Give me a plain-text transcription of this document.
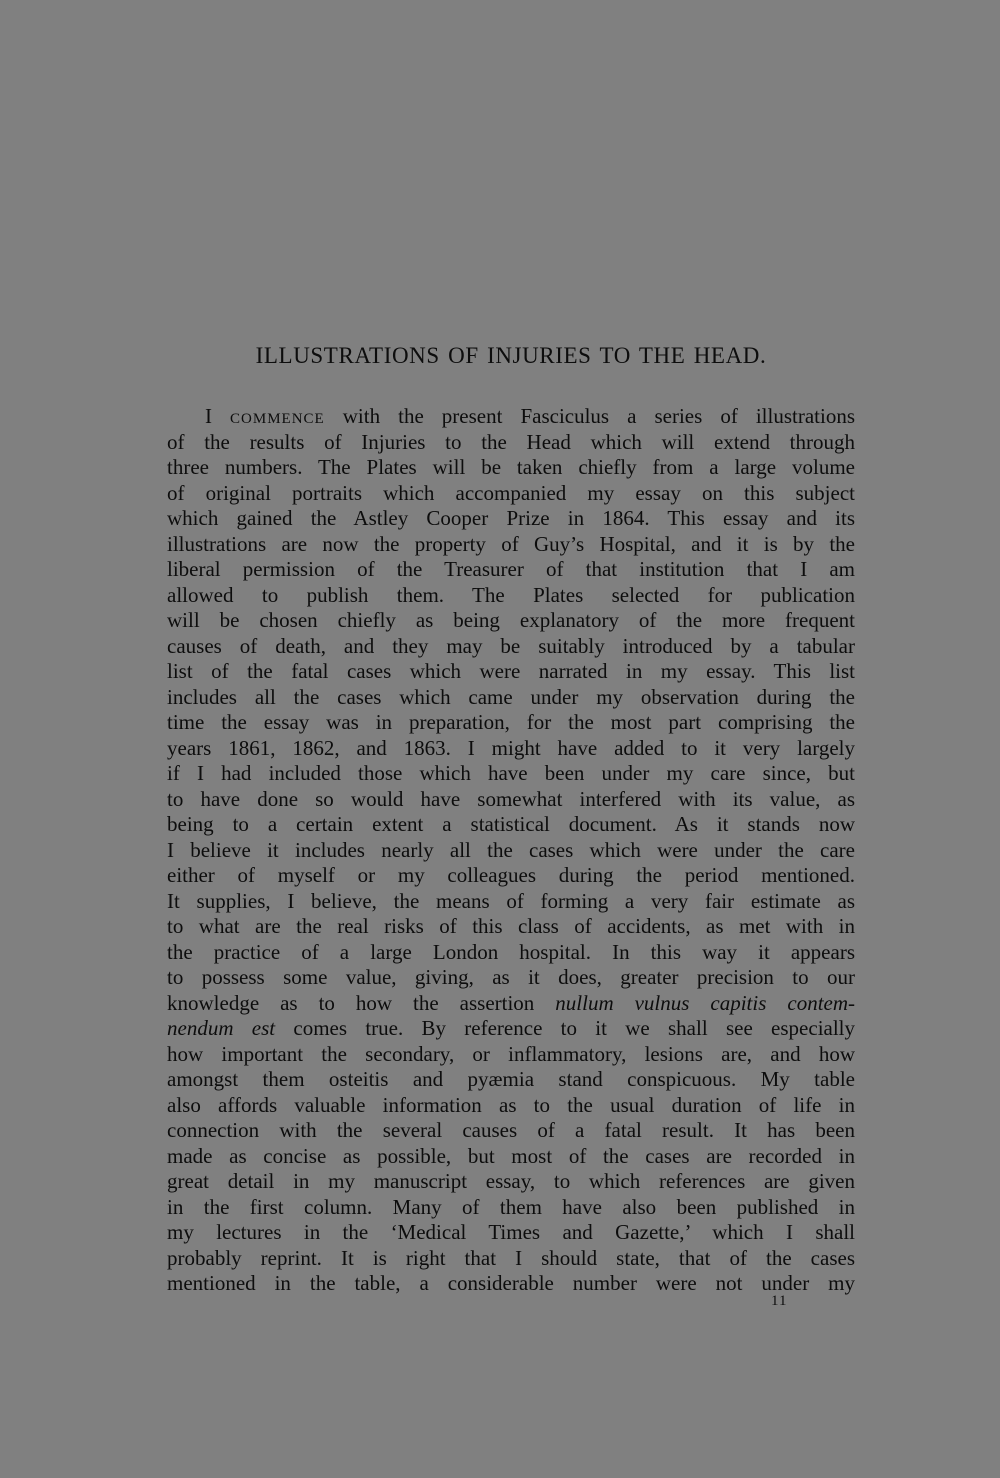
ILLUSTRATIONS OF INJURIES TO THE HEAD.
I commence with the present Fasciculus a series of illustrations
of the results of Injuries to the Head which will extend through
three numbers. The Plates will be taken chiefly from a large volume
of original portraits which accompanied my essay on this subject
which gained the Astley Cooper Prize in 1864. This essay and its
illustrations are now the property of Guy’s Hospital, and it is by the
liberal permission of the Treasurer of that institution that I am
allowed to publish them. The Plates selected for publication
will be chosen chiefly as being explanatory of the more frequent
causes of death, and they may be suitably introduced by a tabular
list of the fatal cases which were narrated in my essay. This list
includes all the cases which came under my observation during the
time the essay was in preparation, for the most part comprising the
years 1861, 1862, and 1863. I might have added to it very largely
if I had included those which have been under my care since, but
to have done so would have somewhat interfered with its value, as
being to a certain extent a statistical document. As it stands now
I believe it includes nearly all the cases which were under the care
either of myself or my colleagues during the period mentioned.
It supplies, I believe, the means of forming a very fair estimate as
to what are the real risks of this class of accidents, as met with in
the practice of a large London hospital. In this way it appears
to possess some value, giving, as it does, greater precision to our
knowledge as to how the assertion nullum vulnus capitis contem-
nendum est comes true. By reference to it we shall see especially
how important the secondary, or inflammatory, lesions are, and how
amongst them osteitis and pyæmia stand conspicuous. My table
also affords valuable information as to the usual duration of life in
connection with the several causes of a fatal result. It has been
made as concise as possible, but most of the cases are recorded in
great detail in my manuscript essay, to which references are given
in the first column. Many of them have also been published in
my lectures in the ‘Medical Times and Gazette,’ which I shall
probably reprint. It is right that I should state, that of the cases
mentioned in the table, a considerable number were not under my
11
